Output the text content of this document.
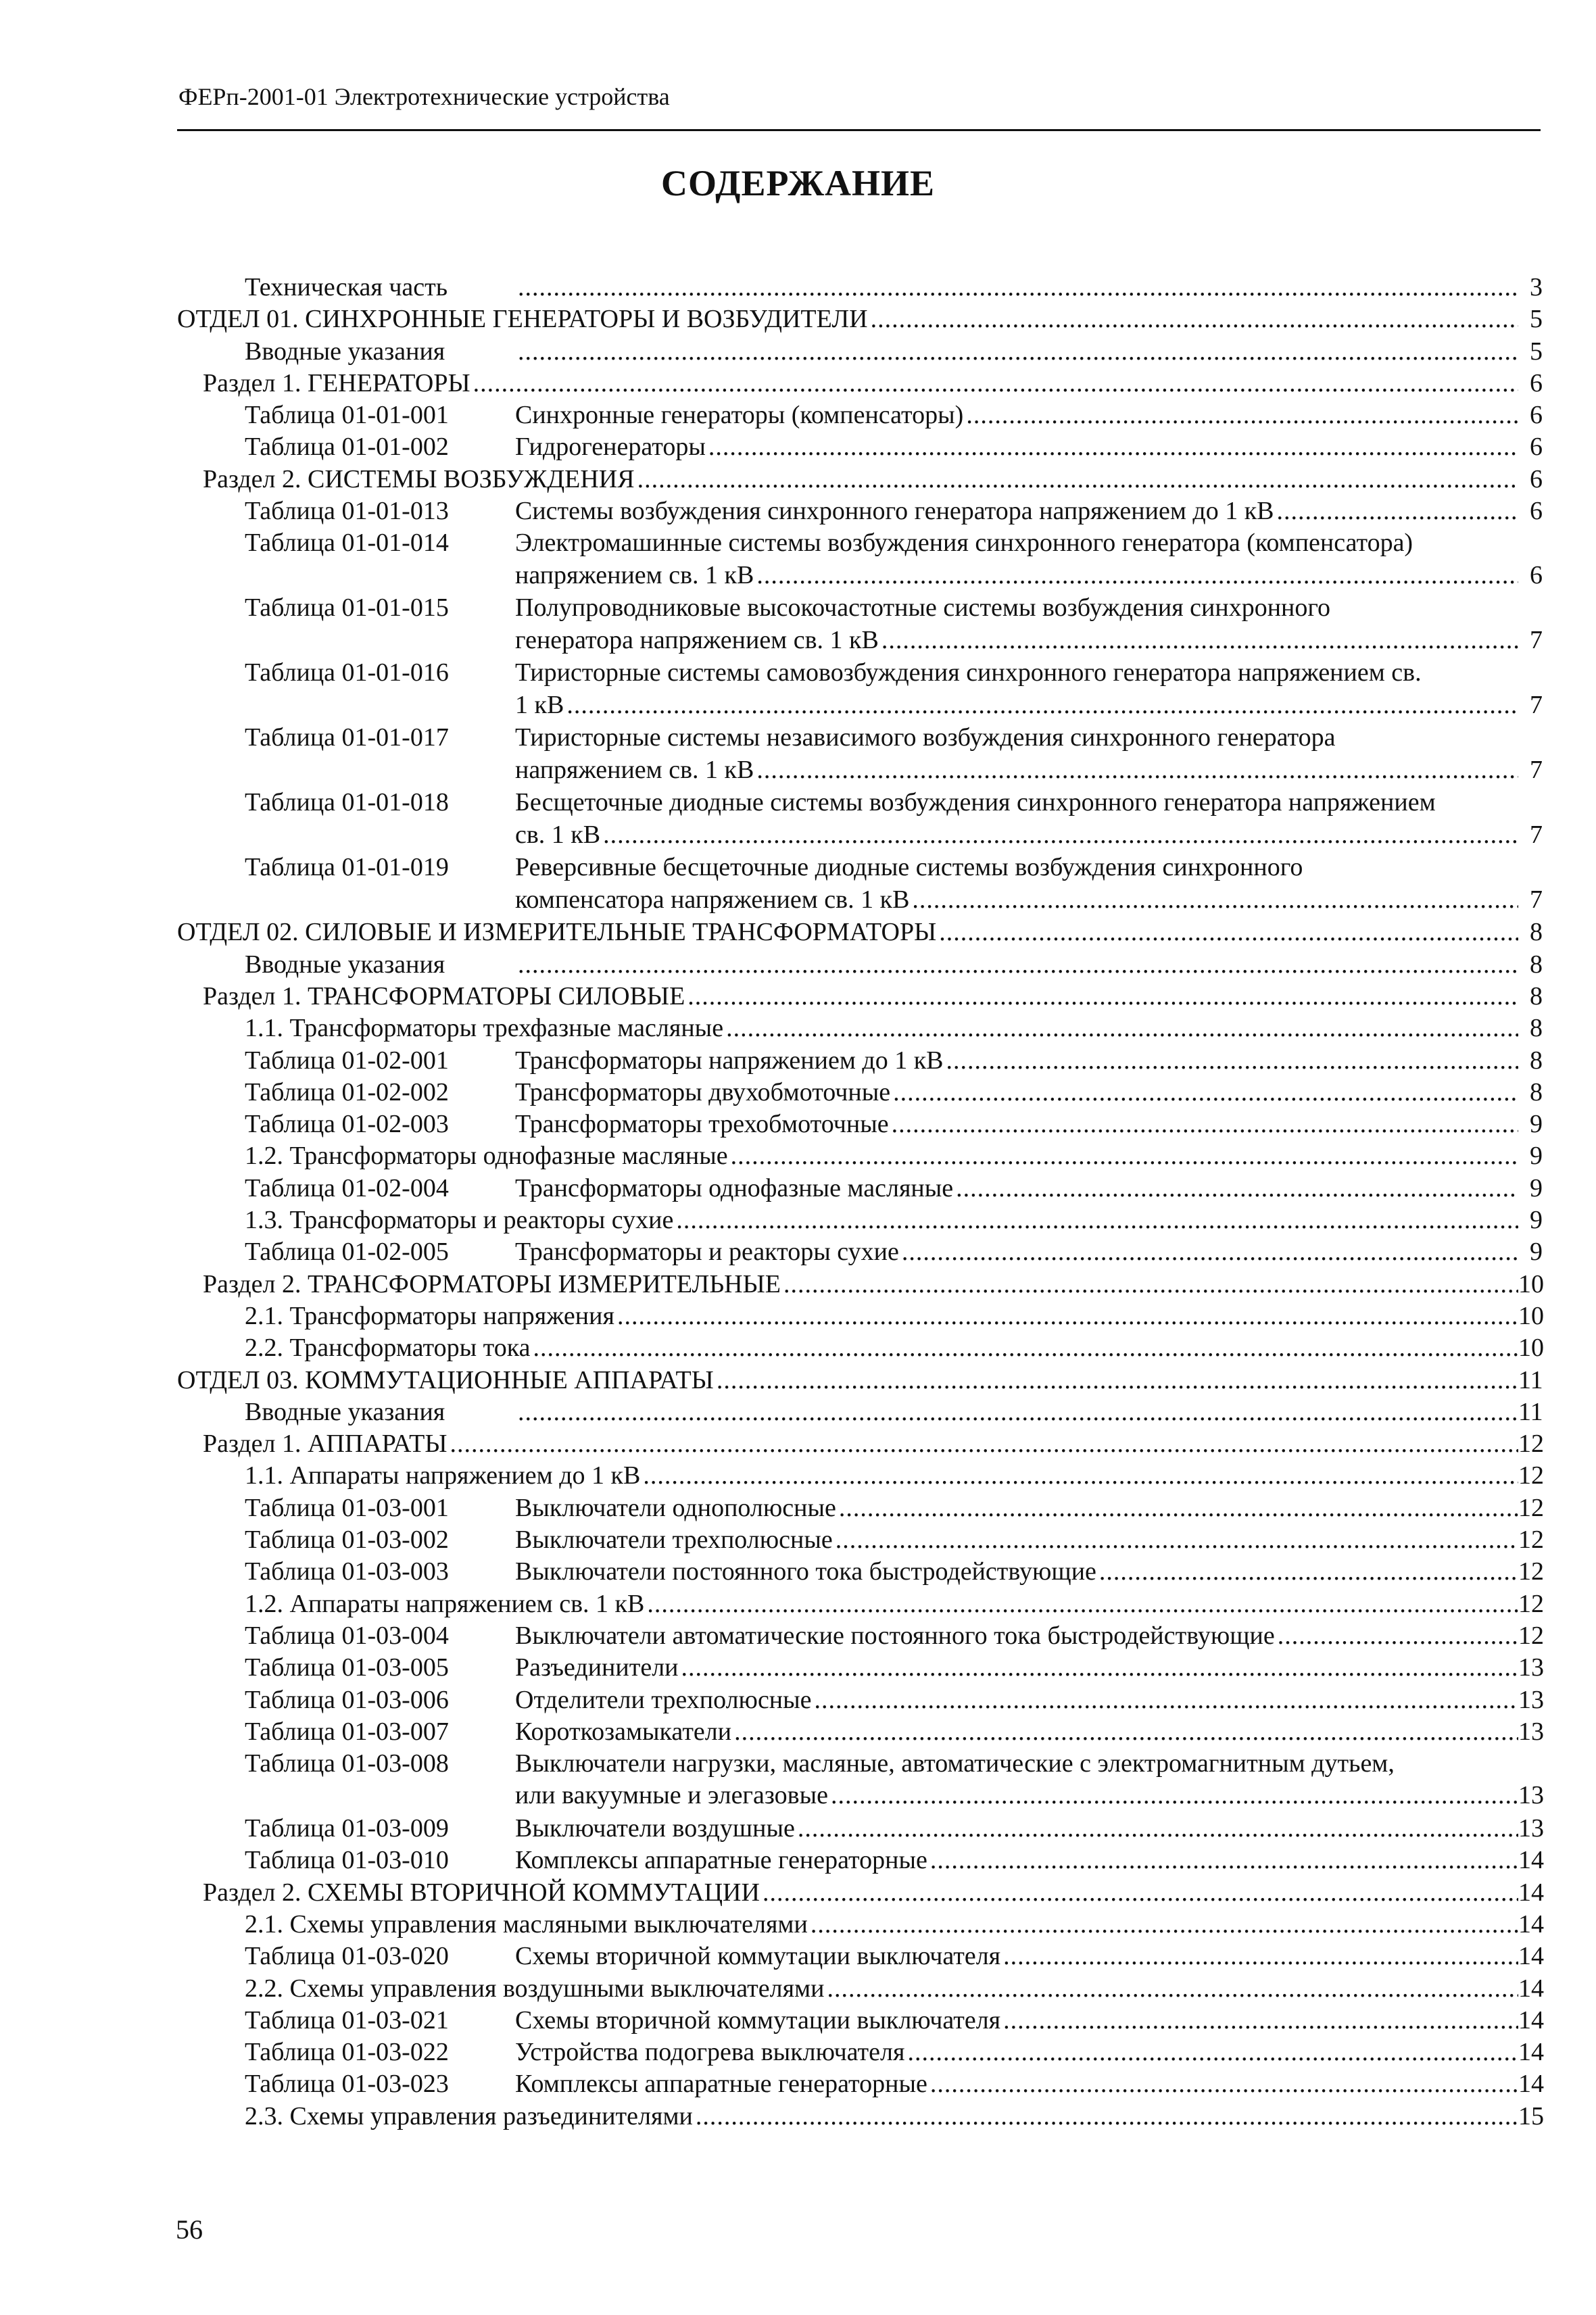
ФЕРп-2001-01 Электротехнические устройства
СОДЕРЖАНИЕ
Техническая часть .....	3
ОТДЕЛ 01. СИНХРОННЫЕ ГЕНЕРАТОРЫ И ВОЗБУДИТЕЛИ .....	5
Вводные указания .....	5
Раздел 1. ГЕНЕРАТОРЫ .....	6
Таблица 01-01-001	Синхронные генераторы (компенсаторы) .....	6
Таблица 01-01-002	Гидрогенераторы .....	6
Раздел 2. СИСТЕМЫ ВОЗБУЖДЕНИЯ .....	6
Таблица 01-01-013	Системы возбуждения синхронного генератора напряжением до 1 кВ .....	6
Таблица 01-01-014	Электромашинные системы возбуждения синхронного генератора (компенсатора)
напряжением св. 1 кВ .....	6
Таблица 01-01-015	Полупроводниковые высокочастотные системы возбуждения синхронного
генератора напряжением св. 1 кВ .....	7
Таблица 01-01-016	Тиристорные системы самовозбуждения синхронного генератора напряжением св.
1 кВ .....	7
Таблица 01-01-017	Тиристорные системы независимого возбуждения синхронного генератора
напряжением св. 1 кВ .....	7
Таблица 01-01-018	Бесщеточные диодные системы возбуждения синхронного генератора напряжением
св. 1 кВ .....	7
Таблица 01-01-019	Реверсивные бесщеточные диодные системы возбуждения синхронного
компенсатора напряжением св. 1 кВ .....	7
ОТДЕЛ 02. СИЛОВЫЕ И ИЗМЕРИТЕЛЬНЫЕ ТРАНСФОРМАТОРЫ .....	8
Вводные указания .....	8
Раздел 1. ТРАНСФОРМАТОРЫ СИЛОВЫЕ .....	8
1.1. Трансформаторы трехфазные масляные .....	8
Таблица 01-02-001	Трансформаторы напряжением до 1 кВ .....	8
Таблица 01-02-002	Трансформаторы двухобмоточные .....	8
Таблица 01-02-003	Трансформаторы трехобмоточные .....	9
1.2. Трансформаторы однофазные масляные .....	9
Таблица 01-02-004	Трансформаторы однофазные масляные .....	9
1.3. Трансформаторы и реакторы сухие .....	9
Таблица 01-02-005	Трансформаторы и реакторы сухие .....	9
Раздел 2. ТРАНСФОРМАТОРЫ ИЗМЕРИТЕЛЬНЫЕ .....	10
2.1. Трансформаторы напряжения .....	10
2.2. Трансформаторы тока .....	10
ОТДЕЛ 03. КОММУТАЦИОННЫЕ АППАРАТЫ .....	11
Вводные указания .....	11
Раздел 1. АППАРАТЫ .....	12
1.1. Аппараты напряжением до 1 кВ .....	12
Таблица 01-03-001	Выключатели однополюсные .....	12
Таблица 01-03-002	Выключатели трехполюсные .....	12
Таблица 01-03-003	Выключатели постоянного тока быстродействующие .....	12
1.2. Аппараты напряжением св. 1 кВ .....	12
Таблица 01-03-004	Выключатели автоматические постоянного тока быстродействующие .....	12
Таблица 01-03-005	Разъединители .....	13
Таблица 01-03-006	Отделители трехполюсные .....	13
Таблица 01-03-007	Короткозамыкатели .....	13
Таблица 01-03-008	Выключатели нагрузки, масляные, автоматические с электромагнитным дутьем,
или вакуумные и элегазовые .....	13
Таблица 01-03-009	Выключатели воздушные .....	13
Таблица 01-03-010	Комплексы аппаратные генераторные .....	14
Раздел 2. СХЕМЫ ВТОРИЧНОЙ КОММУТАЦИИ .....	14
2.1. Схемы управления масляными выключателями .....	14
Таблица 01-03-020	Схемы вторичной коммутации выключателя .....	14
2.2. Схемы управления воздушными выключателями .....	14
Таблица 01-03-021	Схемы вторичной коммутации выключателя .....	14
Таблица 01-03-022	Устройства подогрева выключателя .....	14
Таблица 01-03-023	Комплексы аппаратные генераторные .....	14
2.3. Схемы управления разъединителями .....	15
56
